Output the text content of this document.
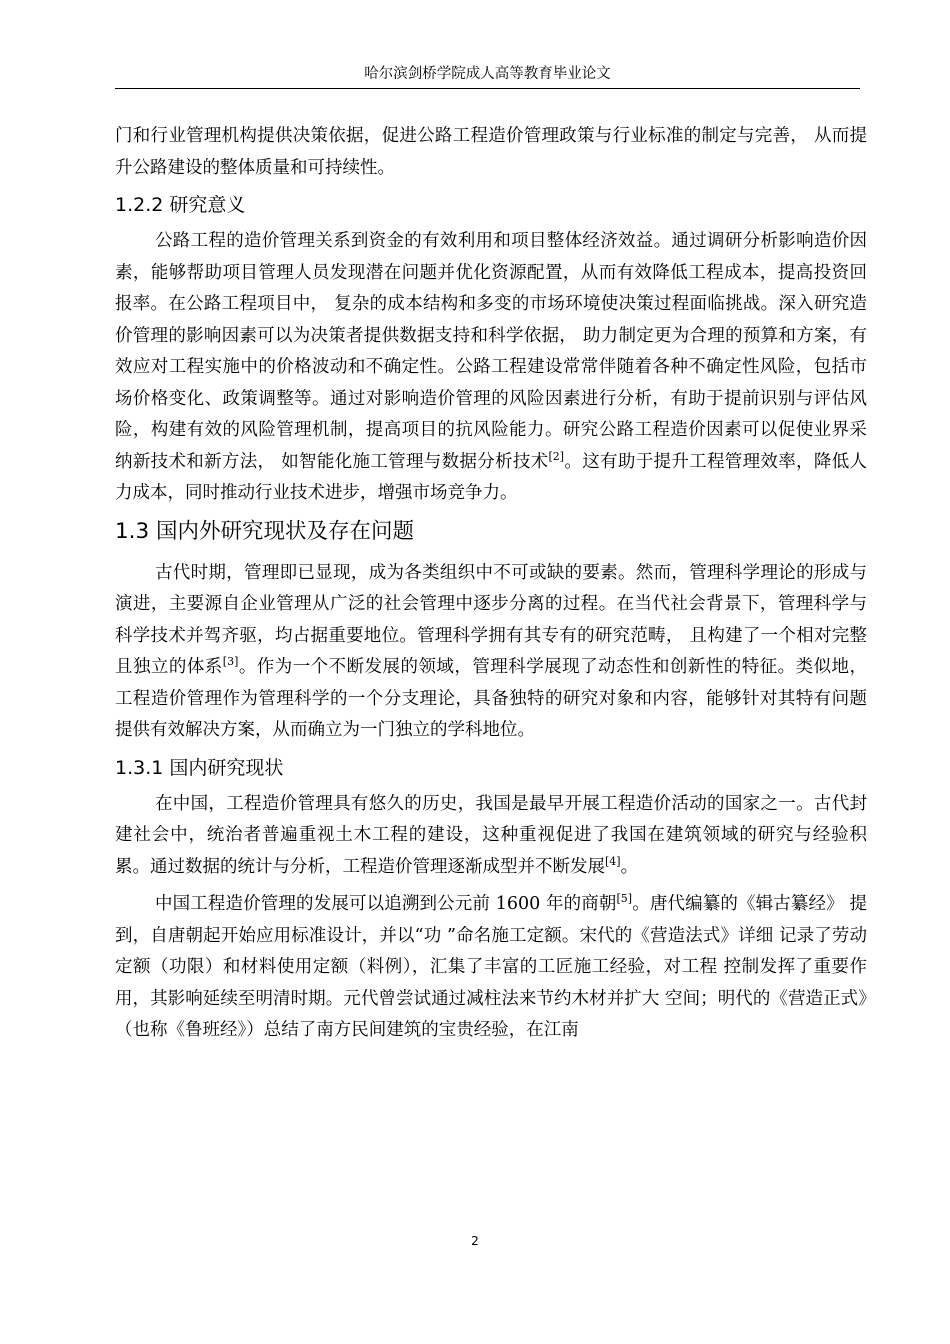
哈尔滨剑桥学院成人高等教育毕业论文

门和行业管理机构提供决策依据，促进公路工程造价管理政策与行业标准的制定与完善， 从而提升公路建设的整体质量和可持续性。

1.2.2 研究意义

公路工程的造价管理关系到资金的有效利用和项目整体经济效益。通过调研分析影响造价因素，能够帮助项目管理人员发现潜在问题并优化资源配置，从而有效降低工程成本，提高投资回报率。在公路工程项目中， 复杂的成本结构和多变的市场环境使决策过程面临挑战。深入研究造价管理的影响因素可以为决策者提供数据支持和科学依据， 助力制定更为合理的预算和方案，有效应对工程实施中的价格波动和不确定性。公路工程建设常常伴随着各种不确定性风险，包括市场价格变化、政策调整等。通过对影响造价管理的风险因素进行分析，有助于提前识别与评估风险，构建有效的风险管理机制，提高项目的抗风险能力。研究公路工程造价因素可以促使业界采纳新技术和新方法， 如智能化施工管理与数据分析技术[2]。这有助于提升工程管理效率，降低人力成本，同时推动行业技术进步，增强市场竞争力。

1.3 国内外研究现状及存在问题

古代时期，管理即已显现，成为各类组织中不可或缺的要素。然而，管理科学理论的形成与演进，主要源自企业管理从广泛的社会管理中逐步分离的过程。在当代社会背景下，管理科学与科学技术并驾齐驱，均占据重要地位。管理科学拥有其专有的研究范畴， 且构建了一个相对完整且独立的体系[3]。作为一个不断发展的领域，管理科学展现了动态性和创新性的特征。类似地， 工程造价管理作为管理科学的一个分支理论，具备独特的研究对象和内容，能够针对其特有问题提供有效解决方案，从而确立为一门独立的学科地位。

1.3.1 国内研究现状

在中国，工程造价管理具有悠久的历史，我国是最早开展工程造价活动的国家之一。古代封建社会中，统治者普遍重视土木工程的建设，这种重视促进了我国在建筑领域的研究与经验积累。通过数据的统计与分析，工程造价管理逐渐成型并不断发展[4]。

中国工程造价管理的发展可以追溯到公元前 1600 年的商朝[5]。唐代编纂的《辑古纂经》 提到，自唐朝起开始应用标准设计，并以“功 ”命名施工定额。宋代的《营造法式》详细 记录了劳动定额（功限）和材料使用定额（料例），汇集了丰富的工匠施工经验，对工程 控制发挥了重要作用，其影响延续至明清时期。元代曾尝试通过减柱法来节约木材并扩大 空间；明代的《营造正式》（也称《鲁班经》）总结了南方民间建筑的宝贵经验，在江南

2
